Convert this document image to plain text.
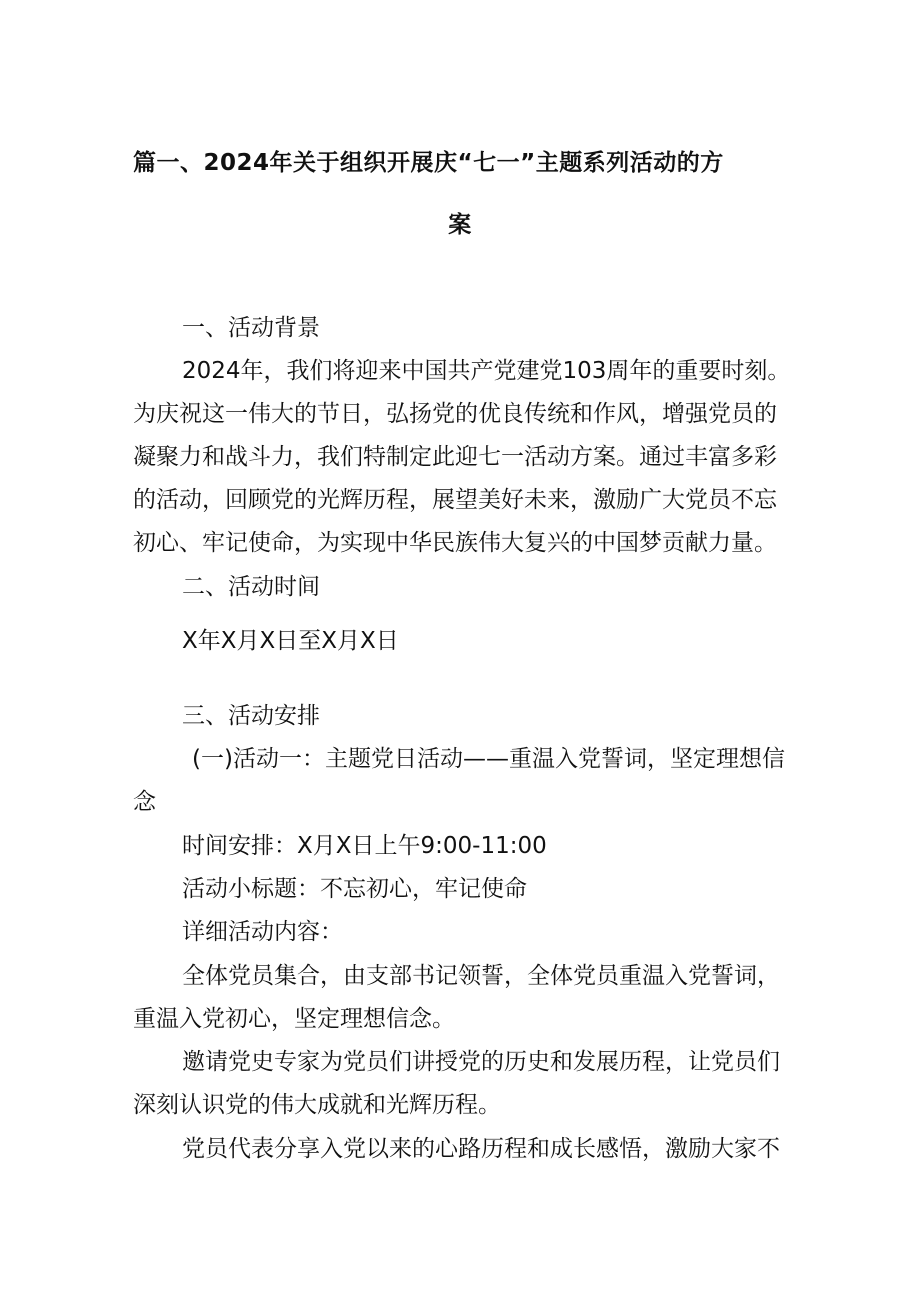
篇一、2024年关于组织开展庆“七一”主题系列活动的方
案
一、活动背景
2024年，我们将迎来中国共产党建党103周年的重要时刻。
为庆祝这一伟大的节日，弘扬党的优良传统和作风，增强党员的
凝聚力和战斗力，我们特制定此迎七一活动方案。通过丰富多彩
的活动，回顾党的光辉历程，展望美好未来，激励广大党员不忘
初心、牢记使命，为实现中华民族伟大复兴的中国梦贡献力量。
二、活动时间
X年X月X日至X月X日
三、活动安排
(一)活动一：主题党日活动——重温入党誓词，坚定理想信
念
时间安排：X月X日上午9:00-11:00
活动小标题：不忘初心，牢记使命
详细活动内容：
全体党员集合，由支部书记领誓，全体党员重温入党誓词，
重温入党初心，坚定理想信念。
邀请党史专家为党员们讲授党的历史和发展历程，让党员们
深刻认识党的伟大成就和光辉历程。
党员代表分享入党以来的心路历程和成长感悟，激励大家不
